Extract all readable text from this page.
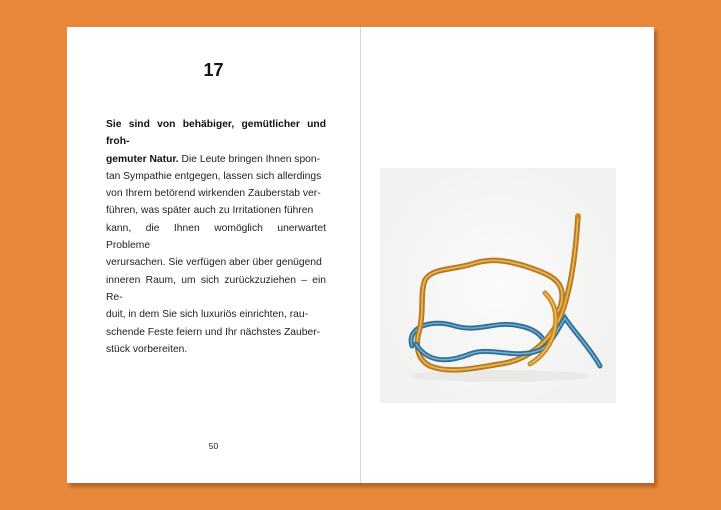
17
Sie sind von behäbiger, gemütlicher und froh-
gemuter Natur. Die Leute bringen Ihnen spon-
tan Sympathie entgegen, lassen sich allerdings
von Ihrem betörend wirkenden Zauberstab ver-
führen, was später auch zu Irritationen führen
kann, die Ihnen womöglich unerwartet Probleme
verursachen. Sie verfügen aber über genügend
inneren Raum, um sich zurückzuziehen – ein Re-
duit, in dem Sie sich luxuriös einrichten, rau-
schende Feste feiern und Ihr nächstes Zauber-
stück vorbereiten.
50
